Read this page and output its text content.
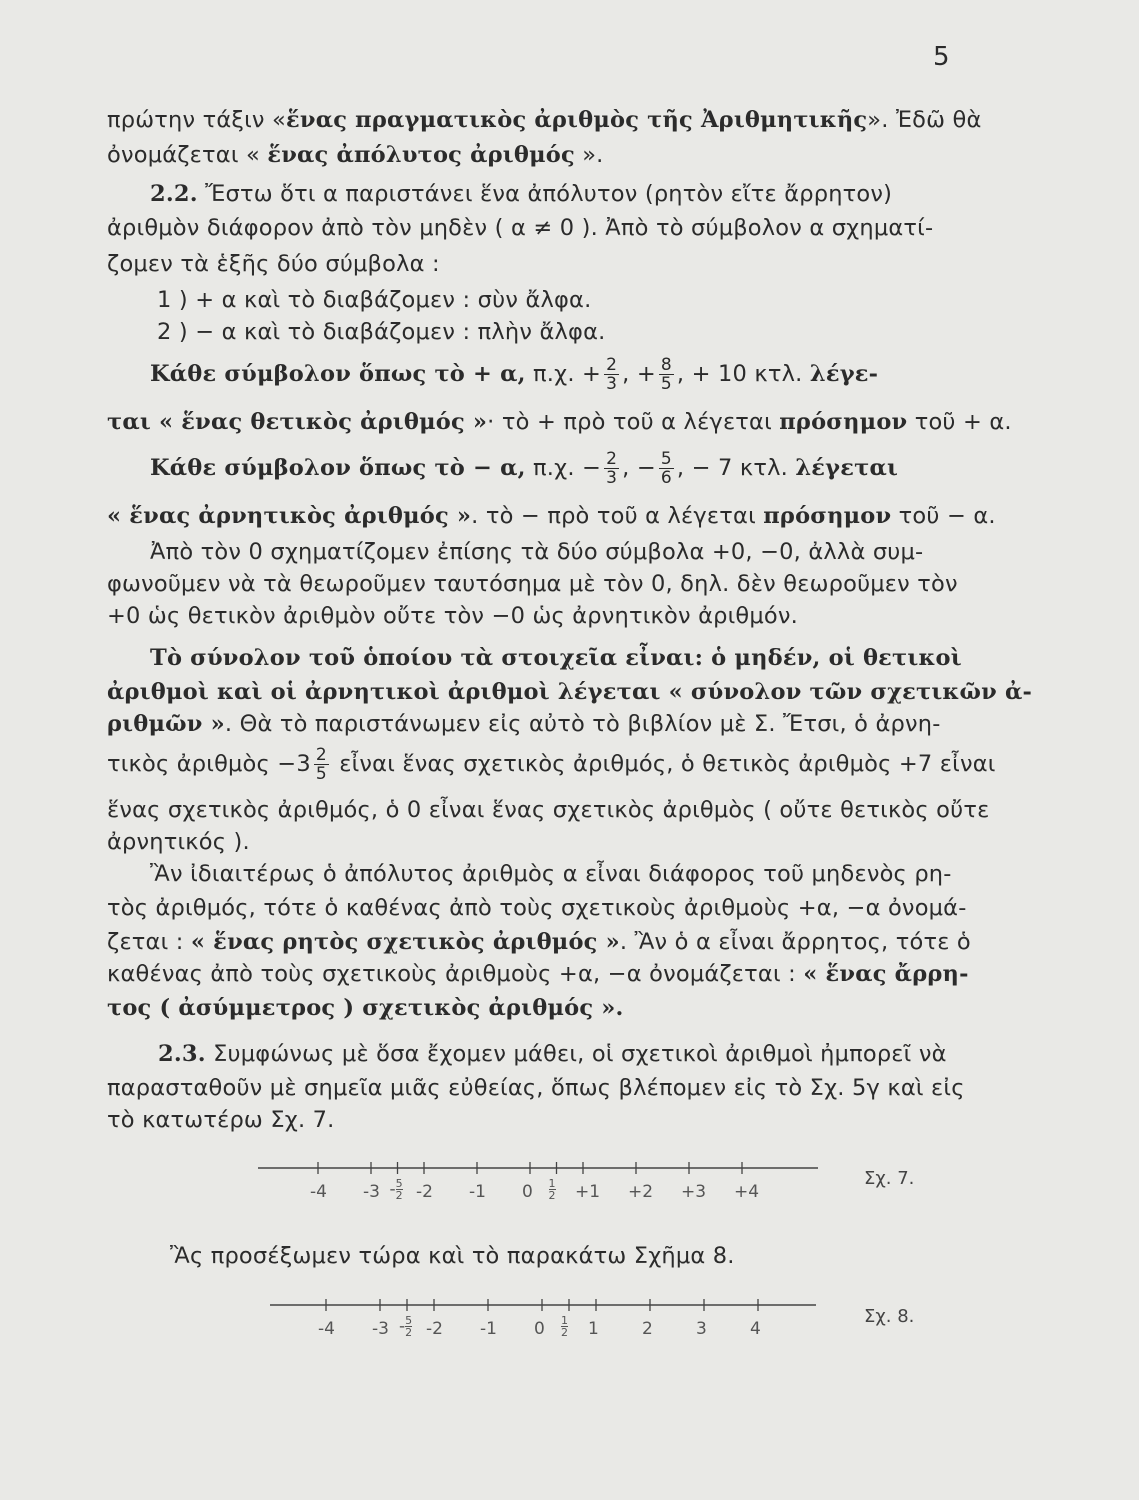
5
πρώτην τάξιν «ἕνας πραγματικὸς ἀριθμὸς τῆς Ἀριθμητικῆς». Ἐδῶ θὰ
ὀνομάζεται « ἕνας ἀπόλυτος ἀριθμός ».
2.2. Ἔστω ὅτι α παριστάνει ἕνα ἀπόλυτον (ρητὸν εἴτε ἄρρητον)
ἀριθμὸν διάφορον ἀπὸ τὸν μηδὲν ( α ≠ 0 ). Ἀπὸ τὸ σύμβολον α σχηματί-
ζομεν τὰ ἑξῆς δύο σύμβολα :
1 ) + α καὶ τὸ διαβάζομεν : σὺν ἄλφα.
2 ) − α καὶ τὸ διαβάζομεν : πλὴν ἄλφα.
Κάθε σύμβολον ὅπως τὸ + α, π.χ. + $\frac{2}{3}$ , + $\frac{8}{5}$ , + 10 κτλ. λέγε-
ται « ἕνας θετικὸς ἀριθμός »· τὸ + πρὸ τοῦ α λέγεται πρόσημον τοῦ + α.
Κάθε σύμβολον ὅπως τὸ − α, π.χ. − $\frac{2}{3}$ , − $\frac{5}{6}$ , − 7 κτλ. λέγεται
« ἕνας ἀρνητικὸς ἀριθμός ». τὸ − πρὸ τοῦ α λέγεται πρόσημον τοῦ − α.
Ἀπὸ τὸν 0 σχηματίζομεν ἐπίσης τὰ δύο σύμβολα +0, −0, ἀλλὰ συμ-
φωνοῦμεν νὰ τὰ θεωροῦμεν ταυτόσημα μὲ τὸν 0, δηλ. δὲν θεωροῦμεν τὸν
+0 ὡς θετικὸν ἀριθμὸν οὔτε τὸν −0 ὡς ἀρνητικὸν ἀριθμόν.
Τὸ σύνολον τοῦ ὁποίου τὰ στοιχεῖα εἶναι: ὁ μηδέν, οἱ θετικοὶ
ἀριθμοὶ καὶ οἱ ἀρνητικοὶ ἀριθμοὶ λέγεται « σύνολον τῶν σχετικῶν ἀ-
ριθμῶν ». Θὰ τὸ παριστάνωμεν εἰς αὐτὸ τὸ βιβλίον μὲ Σ. Ἔτσι, ὁ ἀρνη-
τικὸς ἀριθμὸς $-3 \frac{2}{5}$ εἶναι ἕνας σχετικὸς ἀριθμός, ὁ θετικὸς ἀριθμὸς +7 εἶναι
ἕνας σχετικὸς ἀριθμός, ὁ 0 εἶναι ἕνας σχετικὸς ἀριθμὸς ( οὔτε θετικὸς οὔτε
ἀρνητικός ).
Ἂν ἰδιαιτέρως ὁ ἀπόλυτος ἀριθμὸς α εἶναι διάφορος τοῦ μηδενὸς ρη-
τὸς ἀριθμός, τότε ὁ καθένας ἀπὸ τοὺς σχετικοὺς ἀριθμοὺς +α, −α ὀνομά-
ζεται : « ἕνας ρητὸς σχετικὸς ἀριθμός ». Ἂν ὁ α εἶναι ἄρρητος, τότε ὁ
καθένας ἀπὸ τοὺς σχετικοὺς ἀριθμοὺς +α, −α ὀνομάζεται : « ἕνας ἄρρη-
τος ( ἀσύμμετρος ) σχετικὸς ἀριθμός ».
2.3. Συμφώνως μὲ ὅσα ἔχομεν μάθει, οἱ σχετικοὶ ἀριθμοὶ ἠμπορεῖ νὰ
παρασταθοῦν μὲ σημεῖα μιᾶς εὐθείας, ὅπως βλέπομεν εἰς τὸ Σχ. 5γ καὶ εἰς
τὸ κατωτέρω Σχ. 7.
-4 -3 -2 -1 0 +1 +2 +3 +4
- $\frac{5}{2}$	$\frac{1}{2}$	Σχ. 7.
Ἂς προσέξωμεν τώρα καὶ τὸ παρακάτω Σχῆμα 8.
-4 -3 -2 -1 0	1	2	3	4
- $\frac{5}{2}$	$\frac{1}{2}$	Σχ. 8.
